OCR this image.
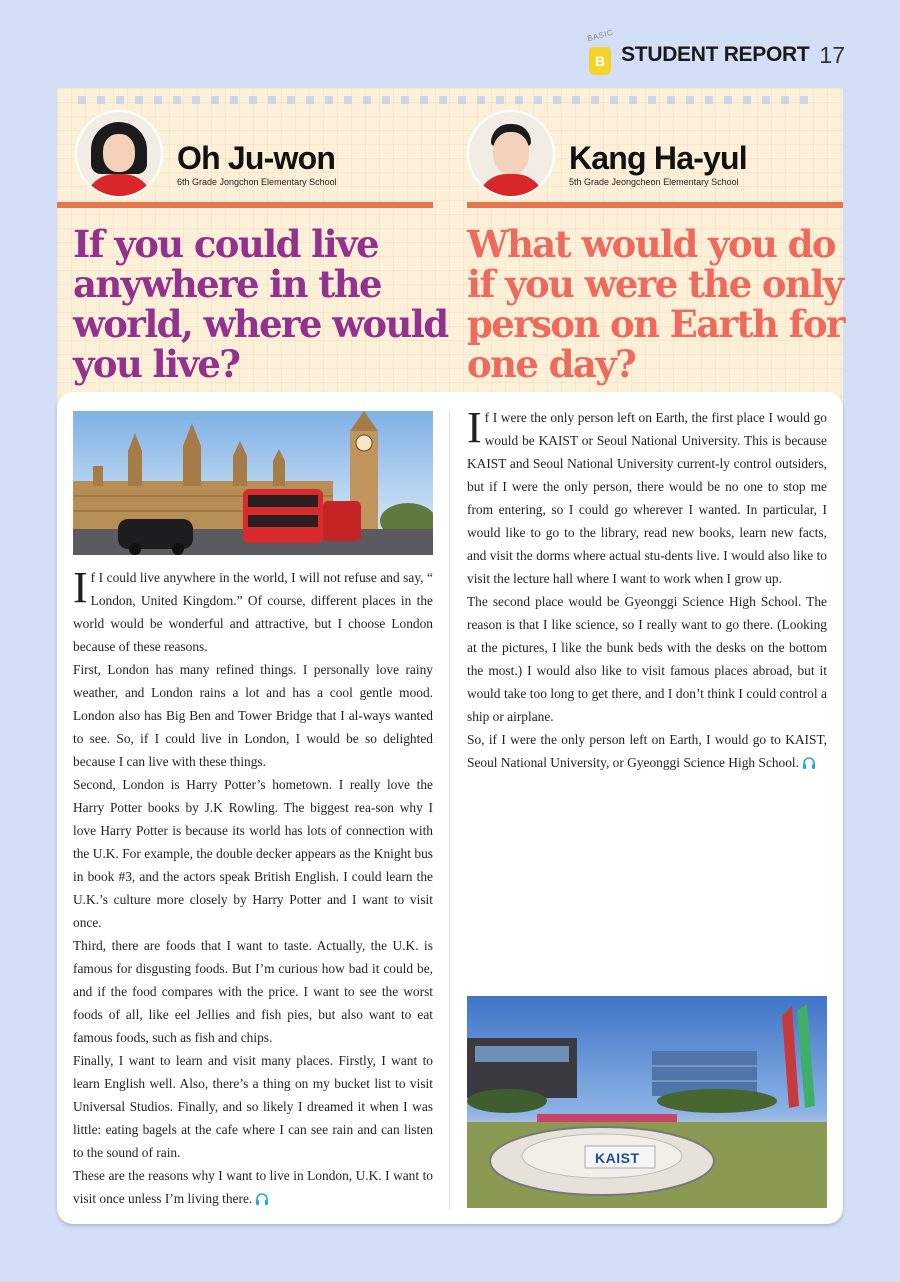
BASIC
B STUDENT REPORT 17
Oh Ju-won
6th Grade Jongchon Elementary School
Kang Ha-yul
5th Grade Jeongcheon Elementary School
If you could live anywhere in the world, where would you live?
What would you do if you were the only person on Earth for one day?

If I could live anywhere in the world, I will not refuse and say, “ London, United Kingdom.” Of course, different places in the world would be wonderful and attractive, but I choose London because of these reasons.

First, London has many refined things. I personally love rainy weather, and London rains a lot and has a cool gentle mood. London also has Big Ben and Tower Bridge that I al-ways wanted to see. So, if I could live in London, I would be so delighted because I can live with these things.

Second, London is Harry Potter’s hometown. I really love the Harry Potter books by J.K Rowling. The biggest rea-son why I love Harry Potter is because its world has lots of connection with the U.K. For example, the double decker appears as the Knight bus in book #3, and the actors speak British English. I could learn the U.K.’s culture more closely by Harry Potter and I want to visit once.

Third, there are foods that I want to taste. Actually, the U.K. is famous for disgusting foods. But I’m curious how bad it could be, and if the food compares with the price. I want to see the worst foods of all, like eel Jellies and fish pies, but also want to eat famous foods, such as fish and chips.

Finally, I want to learn and visit many places. Firstly, I want to learn English well. Also, there’s a thing on my bucket list to visit Universal Studios. Finally, and so likely I dreamed it when I was little: eating bagels at the cafe where I can see rain and can listen to the sound of rain.

These are the reasons why I want to live in London, U.K. I want to visit once unless I’m living there.

If I were the only person left on Earth, the first place I would go would be KAIST or Seoul National University. This is because KAIST and Seoul National University current-ly control outsiders, but if I were the only person, there would be no one to stop me from entering, so I could go wherever I wanted. In particular, I would like to go to the library, read new books, learn new facts, and visit the dorms where actual stu-dents live. I would also like to visit the lecture hall where I want to work when I grow up.

The second place would be Gyeonggi Science High School. The reason is that I like science, so I really want to go there. (Looking at the pictures, I like the bunk beds with the desks on the bottom the most.) I would also like to visit famous places abroad, but it would take too long to get there, and I don’t think I could control a ship or airplane.

So, if I were the only person left on Earth, I would go to KAIST, Seoul National University, or Gyeonggi Science High School.

KAIST
